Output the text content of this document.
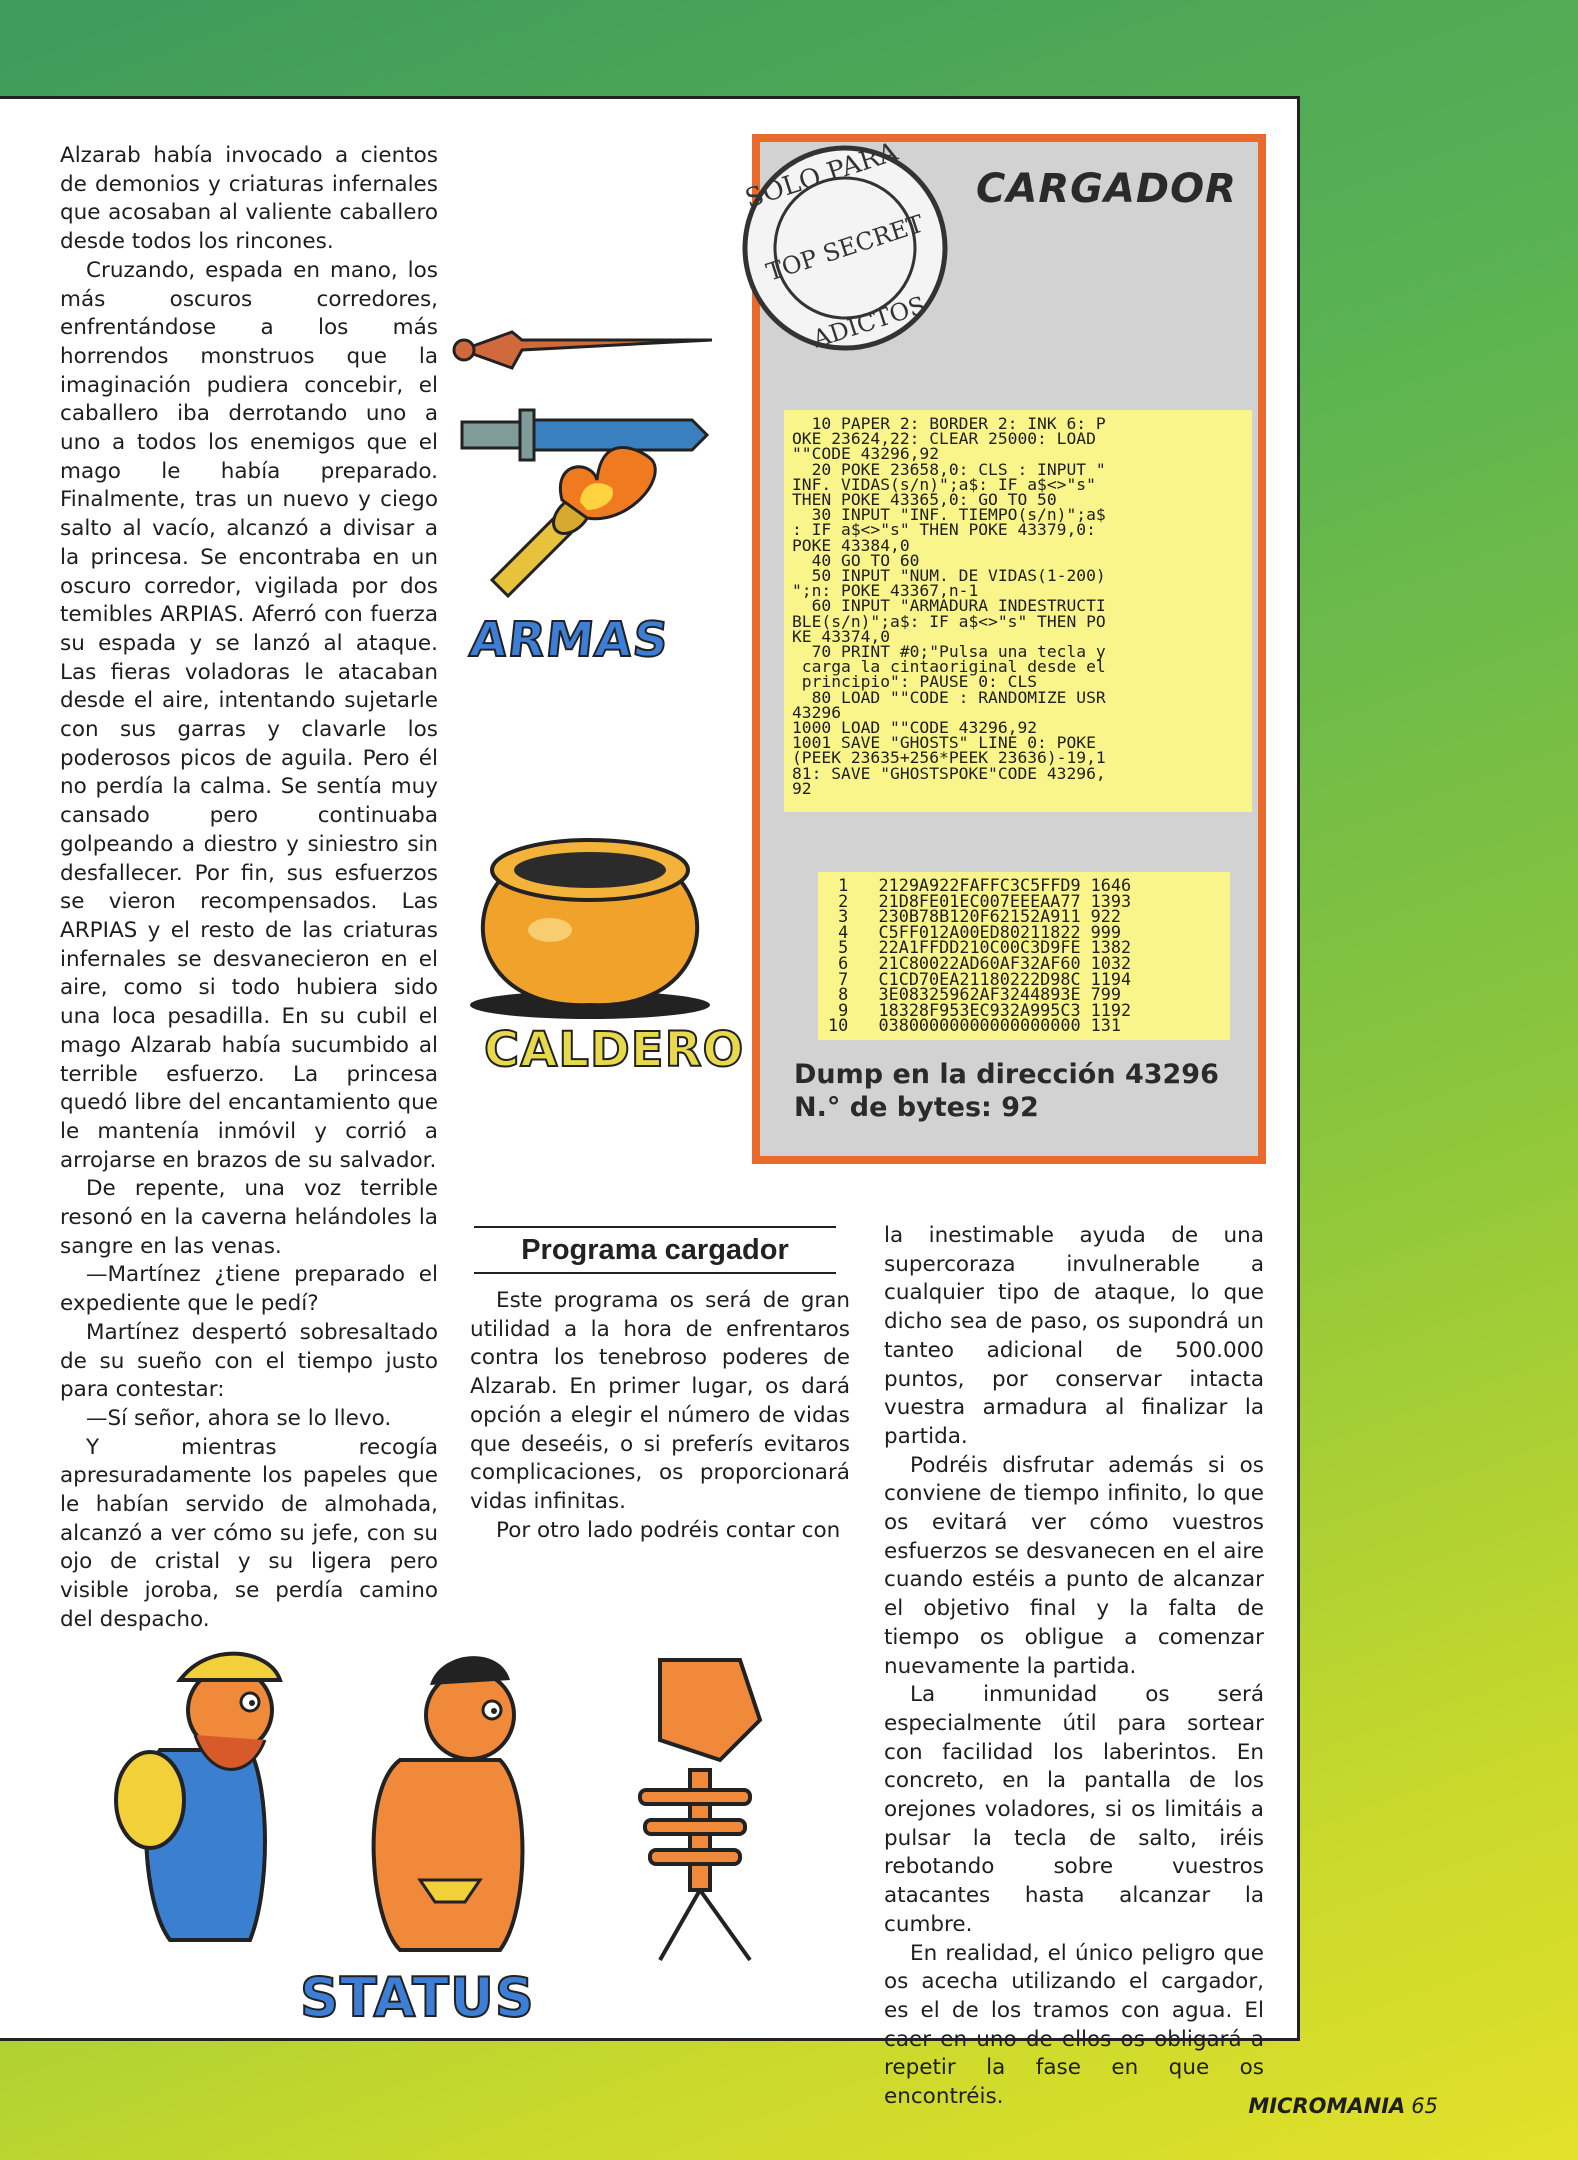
Alzarab había invocado a cientos de demonios y criaturas infernales que acosaban al valiente caballero desde todos los rincones.

Cruzando, espada en mano, los más oscuros corredores, enfrentándose a los más horrendos monstruos que la imaginación pudiera concebir, el caballero iba derrotando uno a uno a todos los enemigos que el mago le había preparado. Finalmente, tras un nuevo y ciego salto al vacío, alcanzó a divisar a la princesa. Se encontraba en un oscuro corredor, vigilada por dos temibles ARPIAS. Aferró con fuerza su espada y se lanzó al ataque. Las fieras voladoras le atacaban desde el aire, intentando sujetarle con sus garras y clavarle los poderosos picos de aguila. Pero él no perdía la calma. Se sentía muy cansado pero continuaba golpeando a diestro y siniestro sin desfallecer. Por fin, sus esfuerzos se vieron recompensados. Las ARPIAS y el resto de las criaturas infernales se desvanecieron en el aire, como si todo hubiera sido una loca pesadilla. En su cubil el mago Alzarab había sucumbido al terrible esfuerzo. La princesa quedó libre del encantamiento que le mantenía inmóvil y corrió a arrojarse en brazos de su salvador.

De repente, una voz terrible resonó en la caverna helándoles la sangre en las venas.

—Martínez ¿tiene preparado el expediente que le pedí?

Martínez despertó sobresaltado de su sueño con el tiempo justo para contestar:

—Sí señor, ahora se lo llevo.

Y mientras recogía apresuradamente los papeles que le habían servido de almohada, alcanzó a ver cómo su jefe, con su ojo de cristal y su ligera pero visible joroba, se perdía camino del despacho.

ARMAS
CALDERO
CARGADOR
SOLO PARA
TOP SECRET
ADICTOS
10 PAPER 2: BORDER 2: INK 6: P
OKE 23624,22: CLEAR 25000: LOAD
""CODE 43296,92
20 POKE 23658,0: CLS : INPUT "
INF. VIDAS(s/n)";a$: IF a$<>"s"
THEN POKE 43365,0: GO TO 50
30 INPUT "INF. TIEMPO(s/n)";a$
: IF a$<>"s" THEN POKE 43379,0:
POKE 43384,0
40 GO TO 60
50 INPUT "NUM. DE VIDAS(1-200)
";n: POKE 43367,n-1
60 INPUT "ARMADURA INDESTRUCTI
BLE(s/n)";a$: IF a$<>"s" THEN PO
KE 43374,0
70 PRINT #0;"Pulsa una tecla y
carga la cintaoriginal desde el
principio": PAUSE 0: CLS
80 LOAD ""CODE : RANDOMIZE USR
43296
1000 LOAD ""CODE 43296,92
1001 SAVE "GHOSTS" LINE 0: POKE
(PEEK 23635+256*PEEK 23636)-19,1
81: SAVE "GHOSTSPOKE"CODE 43296,
92
1   2129A922FAFFC3C5FFD9 1646
2   21D8FE01EC007EEEAA77 1393
3   230B78B120F62152A911 922
4   C5FF012A00ED80211822 999
5   22A1FFDD210C00C3D9FE 1382
6   21C80022AD60AF32AF60 1032
7   C1CD70EA21180222D98C 1194
8   3E08325962AF3244893E 799
9   18328F953EC932A995C3 1192
10   03800000000000000000 131
Dump en la dirección 43296
N.° de bytes: 92
Programa cargador

Este programa os será de gran utilidad a la hora de enfrentaros contra los tenebroso poderes de Alzarab. En primer lugar, os dará opción a elegir el número de vidas que deseéis, o si preferís evitaros complicaciones, os proporcionará vidas infinitas.

Por otro lado podréis contar con

la inestimable ayuda de una supercoraza invulnerable a cualquier tipo de ataque, lo que dicho sea de paso, os supondrá un tanteo adicional de 500.000 puntos, por conservar intacta vuestra armadura al finalizar la partida.

Podréis disfrutar además si os conviene de tiempo infinito, lo que os evitará ver cómo vuestros esfuerzos se desvanecen en el aire cuando estéis a punto de alcanzar el objetivo final y la falta de tiempo os obligue a comenzar nuevamente la partida.

La inmunidad os será especialmente útil para sortear con facilidad los laberintos. En concreto, en la pantalla de los orejones voladores, si os limitáis a pulsar la tecla de salto, iréis rebotando sobre vuestros atacantes hasta alcanzar la cumbre.

En realidad, el único peligro que os acecha utilizando el cargador, es el de los tramos con agua. El caer en uno de ellos os obligará a repetir la fase en que os encontréis.

STATUS
MICROMANIA 65
